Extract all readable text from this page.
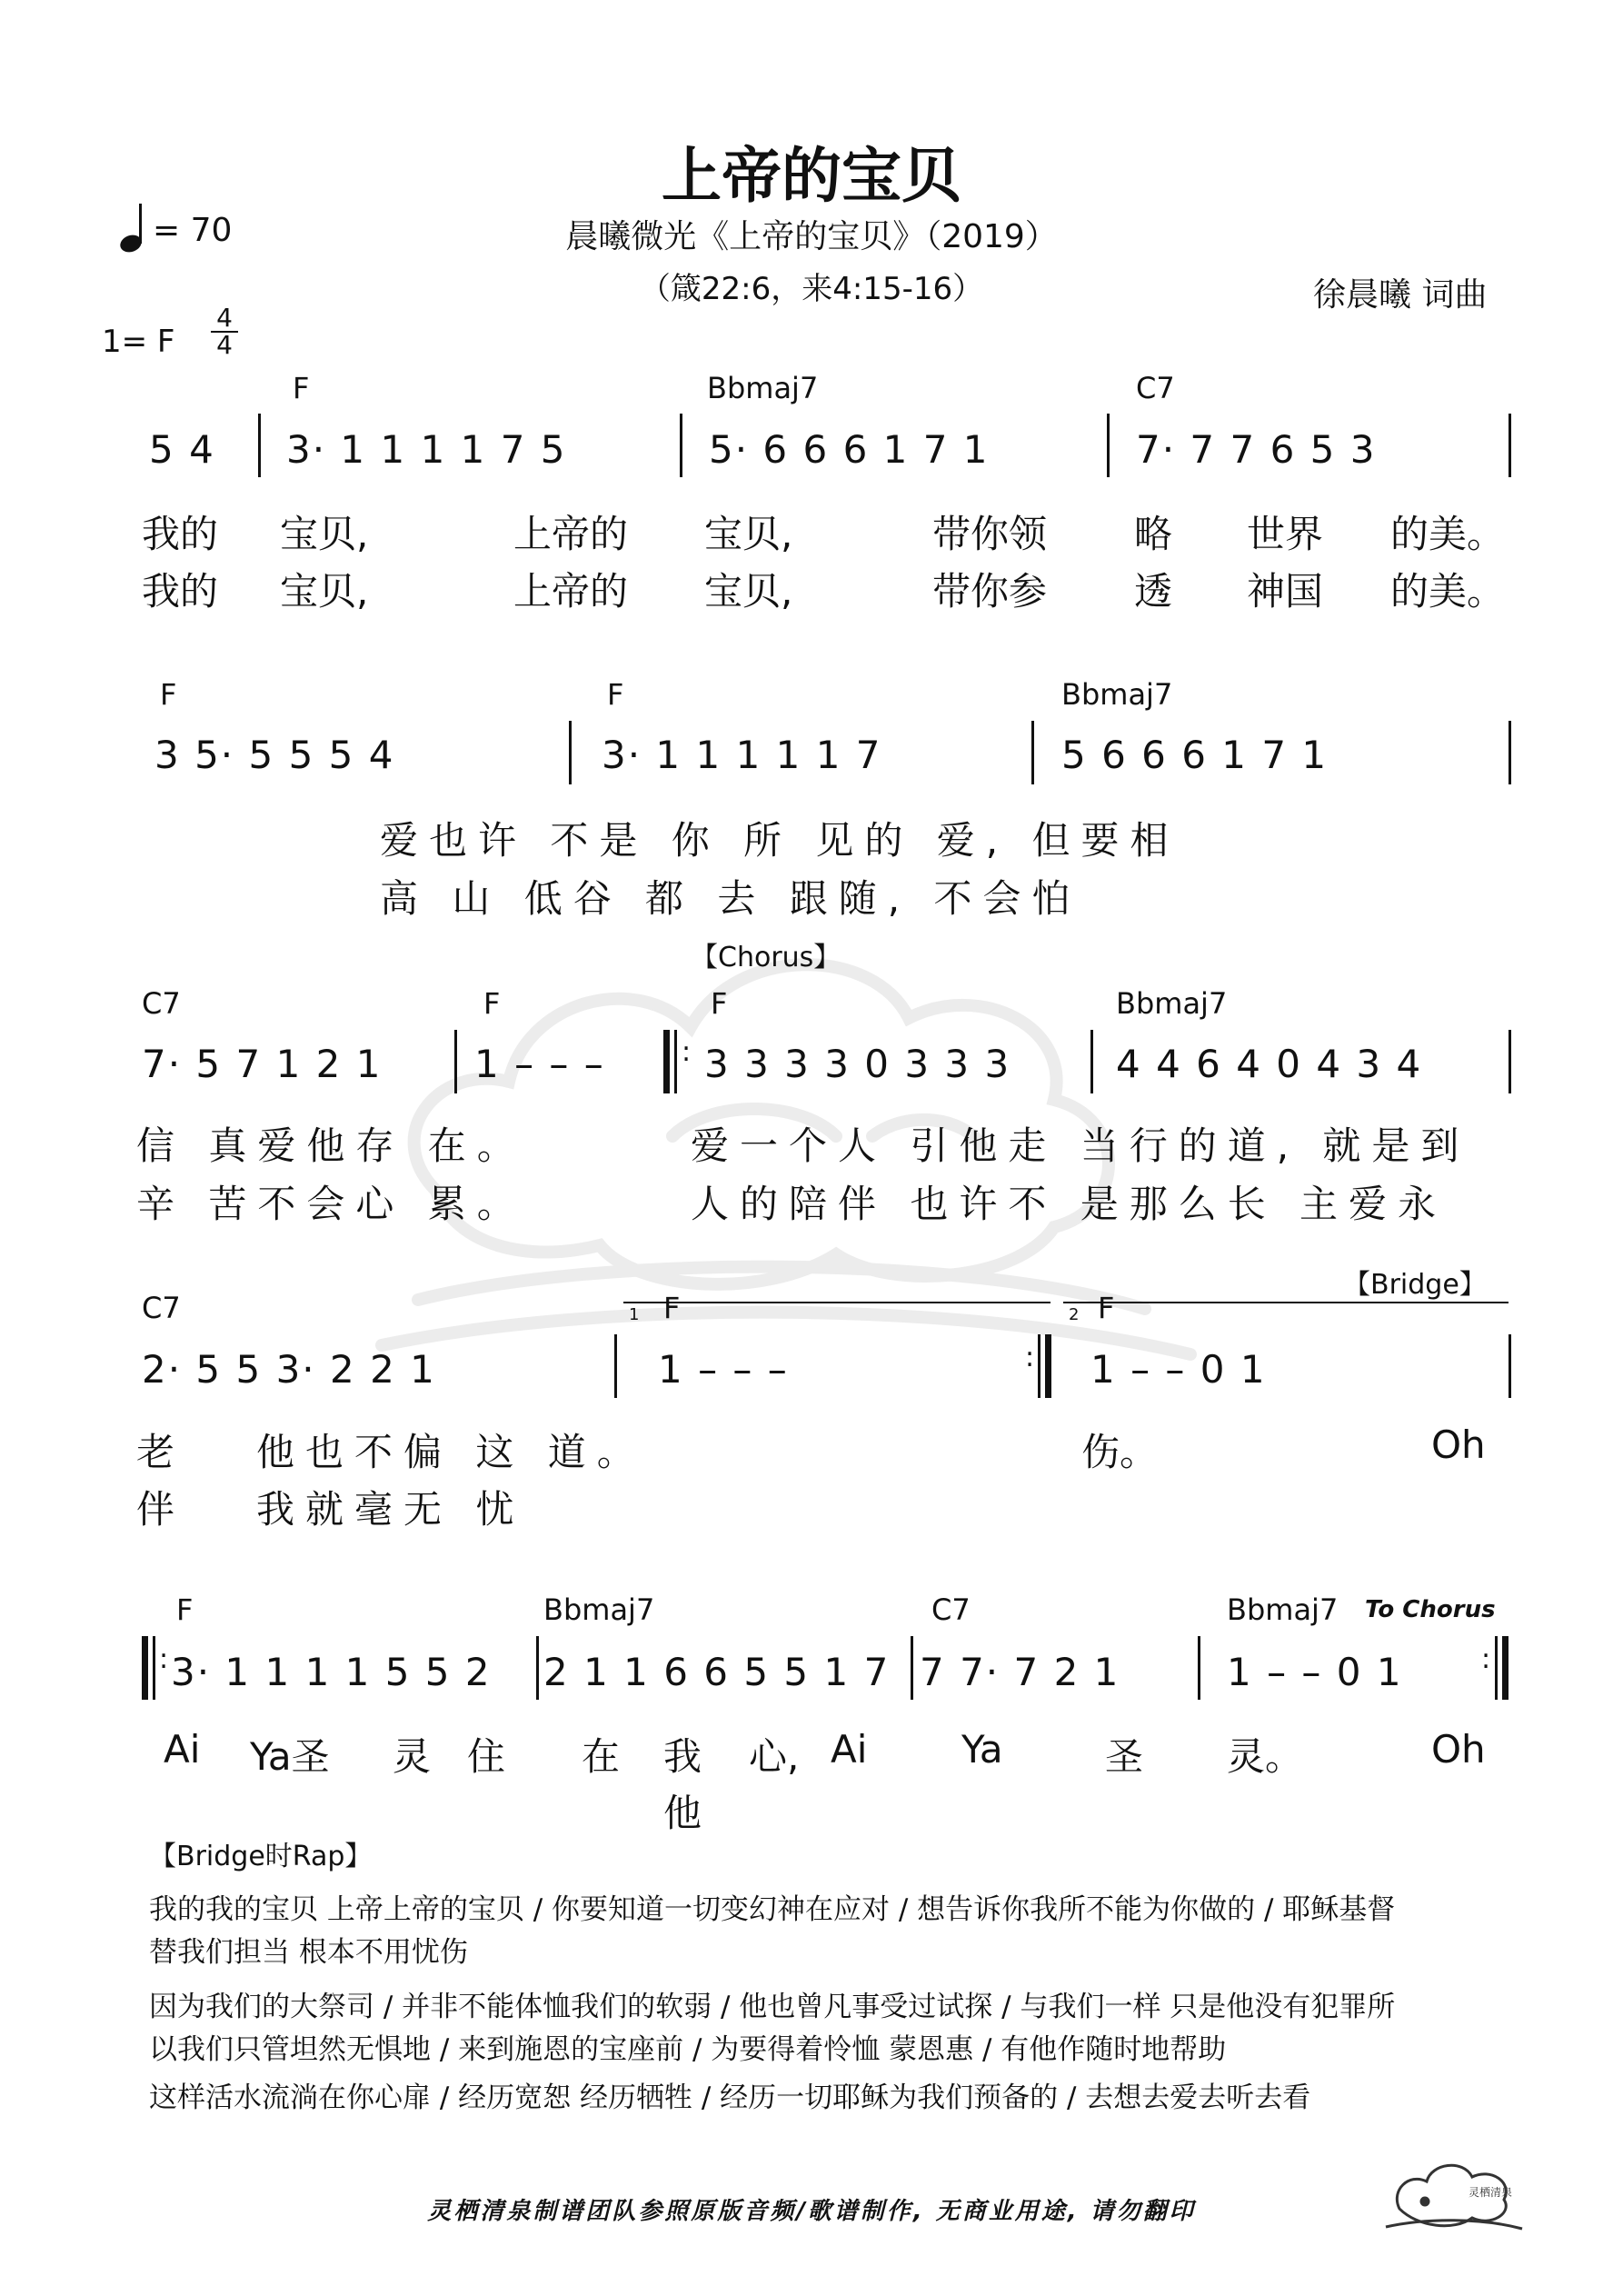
上帝的宝贝
= 70	晨曦微光《上帝的宝贝》（2019）
（箴22:6，来4:15-16）	徐晨曦 词曲
1= F
4
4
F	Bbmaj7	C7
5 4 3· 1 1 1 1 7 5	5· 6 6 6 1 7 1	7· 7 7 6 5 3
我的 宝贝,	上帝的 宝贝,	带你领 略 世界 的美。
我的 宝贝,	上帝的 宝贝,	带你参 透 神国 的美。
F	F	Bbmaj7
3 5· 5 5 5 4	3· 1 1 1 1 1 7	5 6 6 6 1 7 1
爱也许 不是 你 所 见的 爱, 但要相
高 山 低谷 都 去 跟随, 不会怕
【Chorus】
C7	F	F	Bbmaj7
7· 5 7 1 2 1 1 – – –	3 3 3 3 0 3 3 3	4 4 6 4 0 4 3 4
:
信 真爱他存 在。	爱一个人 引他走 当行的道, 就是到
辛 苦不会心 累。	人的陪伴 也许不 是那么长 主爱永
【Bridge】
1	2
C7	F	F
2· 5 5 3· 2 2 1	1 – – –	1 – – 0 1
:
老 他也不偏 这 道。	伤。	Oh
伴 我就毫无 忧
F	Bbmaj7	C7	Bbmaj7 To Chorus
: 3· 1 1 1 1 5 5 2 2 1 1 6 6 5 5 1 7 7 7· 7 2 1	1 – – 0 1	:
Ai Ya圣 灵 住 在 我 心, Ai Ya	圣 灵。	Oh
他
【Bridge时Rap】
我的我的宝贝 上帝上帝的宝贝 / 你要知道一切变幻神在应对 / 想告诉你我所不能为你做的 / 耶稣基督
替我们担当 根本不用忧伤
因为我们的大祭司 / 并非不能体恤我们的软弱 / 他也曾凡事受过试探 / 与我们一样 只是他没有犯罪所
以我们只管坦然无惧地 / 来到施恩的宝座前 / 为要得着怜恤 蒙恩惠 / 有他作随时地帮助
这样活水流淌在你心扉 / 经历宽恕 经历牺牲 / 经历一切耶稣为我们预备的 / 去想去爱去听去看
灵栖清泉制谱团队参照原版音频/歌谱制作, 无商业用途, 请勿翻印
灵栖清泉
